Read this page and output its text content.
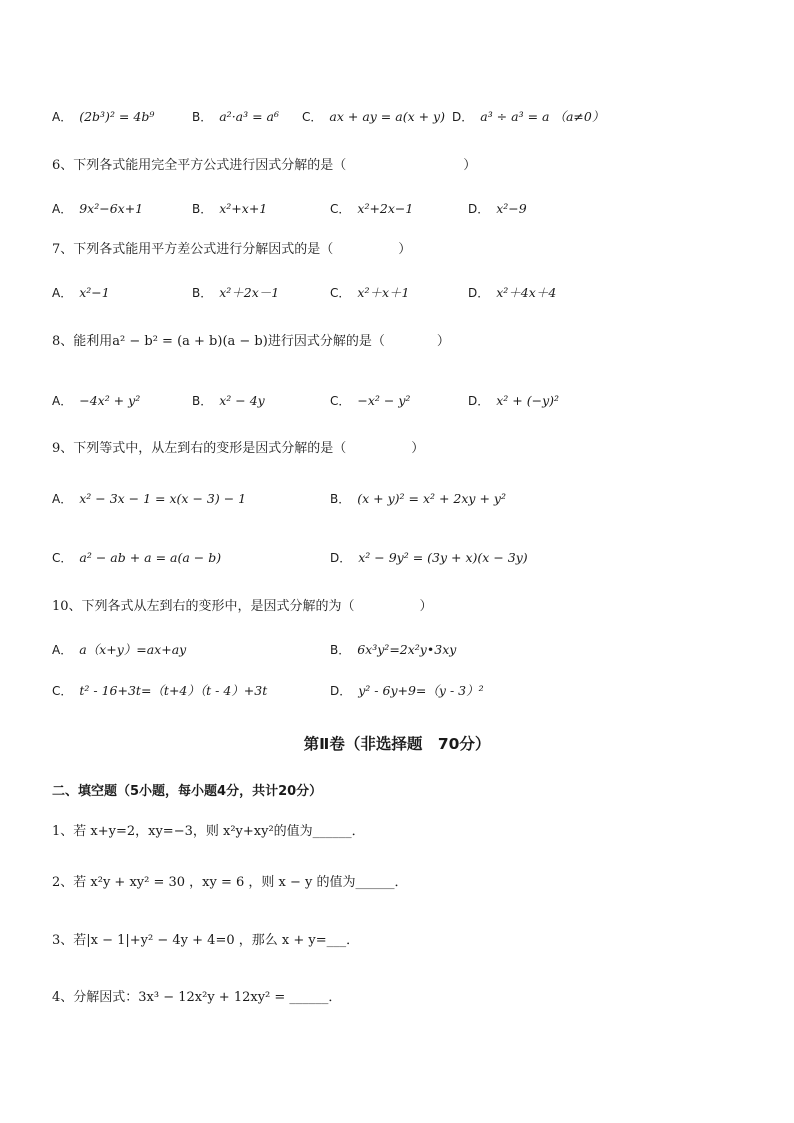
A． (2b³)² = 4b⁹	B． a²·a³ = a⁶ C． ax + ay = a(x + y) D． a³ ÷ a³ = a （a≠0）
6、下列各式能用完全平方公式进行因式分解的是（　　　　　　　　　）
A． 9x²−6x+1	B． x²+x+1	C． x²+2x−1	D． x²−9
7、下列各式能用平方差公式进行分解因式的是（　　　　　）
A． x²−1	B． x²＋2x－1	C． x²＋x＋1	D． x²＋4x＋4
8、能利用a² − b² = (a + b)(a − b)进行因式分解的是（　　　　）
A． −4x² + y²	B． x² − 4y	C． −x² − y²	D． x² + (−y)²
9、下列等式中，从左到右的变形是因式分解的是（　　　　　）
A． x² − 3x − 1 = x(x − 3) − 1	B． (x + y)² = x² + 2xy + y²
C． a² − ab + a = a(a − b)	D． x² − 9y² = (3y + x)(x − 3y)
10、下列各式从左到右的变形中，是因式分解的为（　　　　　）
A． a（x+y）=ax+ay	B． 6x³y²=2x²y•3xy
C． t² - 16+3t=（t+4）（t - 4）+3t	D． y² - 6y+9=（y - 3）²
第Ⅱ卷（非选择题　70分）
二、填空题（5小题，每小题4分，共计20分）
1、若 x+y=2，xy=−3，则 x²y+xy²的值为______．
2、若 x²y + xy² = 30 ，xy = 6 ，则 x − y 的值为______．
3、若|x − 1|+y² − 4y + 4=0 ，那么 x + y=___．
4、分解因式：3x³ − 12x²y + 12xy² = ______．
